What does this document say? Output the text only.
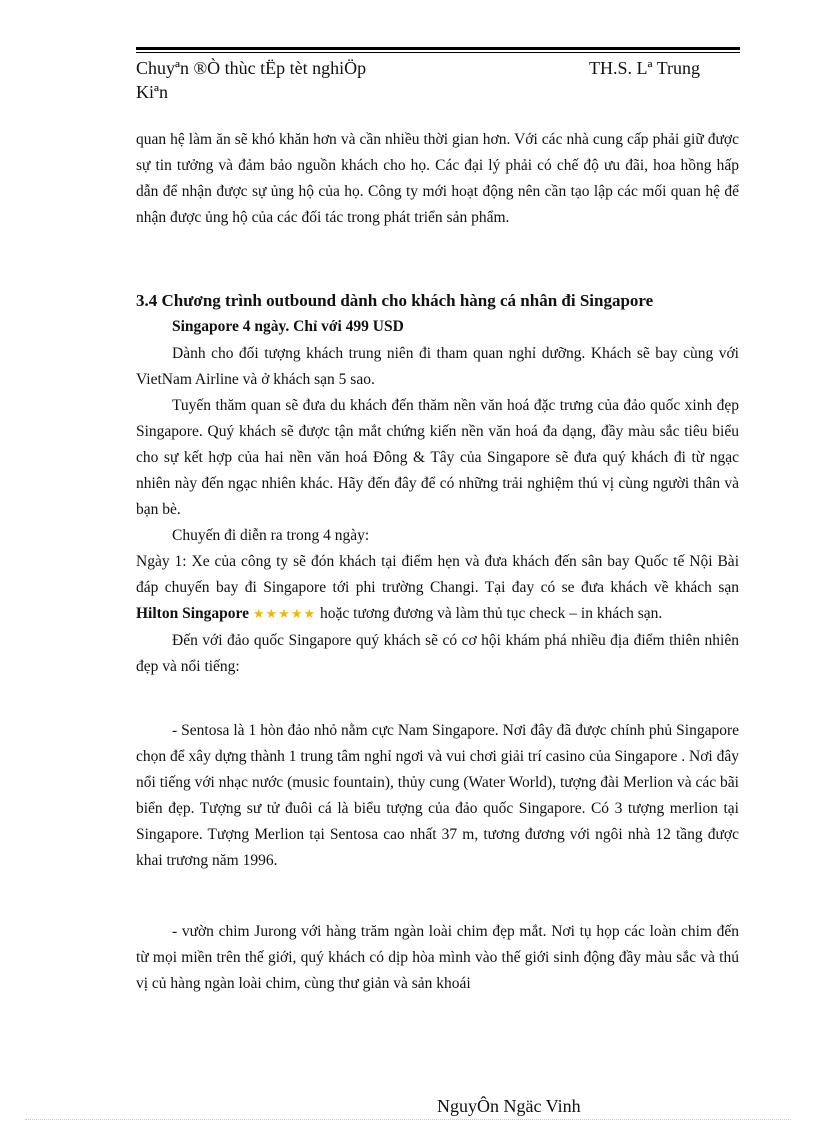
Chuyªn ®Ò thùc tËp tèt nghiÖp	TH.S. Lª Trung
Kiªn

quan hệ làm ăn sẽ khó khăn hơn và cần nhiều thời gian hơn. Với các nhà cung cấp phải giữ được sự tin tưởng và đảm bảo nguồn khách cho họ. Các đại lý phải có chế độ ưu đãi, hoa hồng hấp dẫn để nhận được sự ủng hộ của họ. Công ty mới hoạt động nên cần tạo lập các mối quan hệ để nhận được ủng hộ của các đối tác trong phát triển sản phẩm.

3.4 Chương trình outbound dành cho khách hàng cá nhân đi Singapore
Singapore 4 ngày. Chỉ với 499 USD

Dành cho đối tượng khách trung niên đi tham quan nghỉ dưỡng. Khách sẽ bay cùng với VietNam Airline và ở khách sạn 5 sao.

Tuyến thăm quan sẽ đưa du khách đến thăm nền văn hoá đặc trưng của đảo quốc xinh đẹp Singapore. Quý khách sẽ được tận mắt chứng kiến nền văn hoá đa dạng, đầy màu sắc tiêu biểu cho sự kết hợp của hai nền văn hoá Đông & Tây của Singapore sẽ đưa quý khách đi từ ngạc nhiên này đến ngạc nhiên khác. Hãy đến đây để có những trải nghiệm thú vị cùng người thân và bạn bè.

Chuyến đi diễn ra trong 4 ngày:

Ngày 1: Xe của công ty sẽ đón khách tại điểm hẹn và đưa khách đến sân bay Quốc tế Nội Bài đáp chuyến bay đi Singapore tới phi trường Changi. Tại đay có se đưa khách về khách sạn Hilton Singapore ★★★★★ hoặc tương đương và làm thủ tục check – in khách sạn.

Đến với đảo quốc Singapore quý khách sẽ có cơ hội khám phá nhiều địa điểm thiên nhiên đẹp và nổi tiếng:

- Sentosa là 1 hòn đảo nhỏ nằm cực Nam Singapore. Nơi đây đã được chính phủ Singapore chọn để xây dựng thành 1 trung tâm nghỉ ngơi và vui chơi giải trí casino của Singapore . Nơi đây nổi tiếng với nhạc nước (music fountain), thủy cung (Water World), tượng đài Merlion và các bãi biển đẹp. Tượng sư tử đuôi cá là biểu tượng của đảo quốc Singapore. Có 3 tượng merlion tại Singapore. Tượng Merlion tại Sentosa cao nhất 37 m, tương đương với ngôi nhà 12 tầng được khai trương năm 1996.

- vườn chim Jurong với hàng trăm ngàn loài chim đẹp mắt. Nơi tụ họp các loàn chim đến từ mọi miền trên thế giới, quý khách có dịp hòa mình vào thế giới sinh động đầy màu sắc và thú vị củ hàng ngàn loài chim, cùng thư giản và sản khoái

NguyÔn Ngäc Vinh
